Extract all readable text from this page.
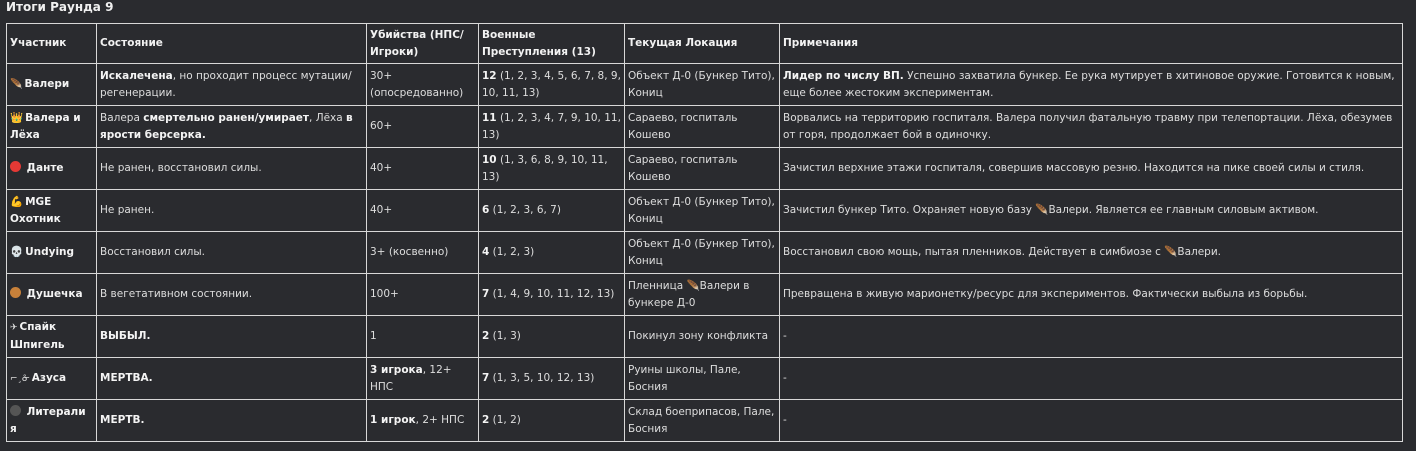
Итоги Раунда 9
Участник	Состояние	Убийства (НПС/Игроки)	Военные Преступления (13)	Текущая Локация	Примечания
🪶 Валери	Искалечена, но проходит процесс мутации/регенерации.	30+ (опосредованно)	12 (1, 2, 3, 4, 5, 6, 7, 8, 9, 10, 11, 13)	Объект Д-0 (Бункер Тито), Кониц	Лидер по числу ВП. Успешно захватила бункер. Ее рука мутирует в хитиновое оружие. Готовится к новым, еще более жестоким экспериментам.
👑 Валера и Лёха	Валера смертельно ранен/умирает, Лёха в ярости берсерка.	60+	11 (1, 2, 3, 4, 7, 9, 10, 11, 13)	Сараево, госпиталь Кошево	Ворвались на территорию госпиталя. Валера получил фатальную травму при телепортации. Лёха, обезумев от горя, продолжает бой в одиночку.
Данте	Не ранен, восстановил силы.	40+	10 (1, 3, 6, 8, 9, 10, 11, 13)	Сараево, госпиталь Кошево	Зачистил верхние этажи госпиталя, совершив массовую резню. Находится на пике своей силы и стиля.
💪 MGE Охотник	Не ранен.	40+	6 (1, 2, 3, 6, 7)	Объект Д-0 (Бункер Тито), Кониц	Зачистил бункер Тито. Охраняет новую базу 🪶Валери. Является ее главным силовым активом.
💀 Undying	Восстановил силы.	3+ (косвенно)	4 (1, 2, 3)	Объект Д-0 (Бункер Тито), Кониц	Восстановил свою мощь, пытая пленников. Действует в симбиозе с 🪶Валери.
Душечка	В вегетативном состоянии.	100+	7 (1, 4, 9, 10, 11, 12, 13)	Пленница 🪶Валери в бункере Д-0	Превращена в живую марионетку/ресурс для экспериментов. Фактически выбыла из борьбы.
✈ Спайк Шпигель	ВЫБЫЛ.	1	2 (1, 3)	Покинул зону конфликта	-
⌐¸ᓁ Азуса	МЕРТВА.	3 игрока, 12+ НПС	7 (1, 3, 5, 10, 12, 13)	Руины школы, Пале, Босния	-
Литерали я	МЕРТВ.	1 игрок, 2+ НПС	2 (1, 2)	Склад боеприпасов, Пале, Босния	-
